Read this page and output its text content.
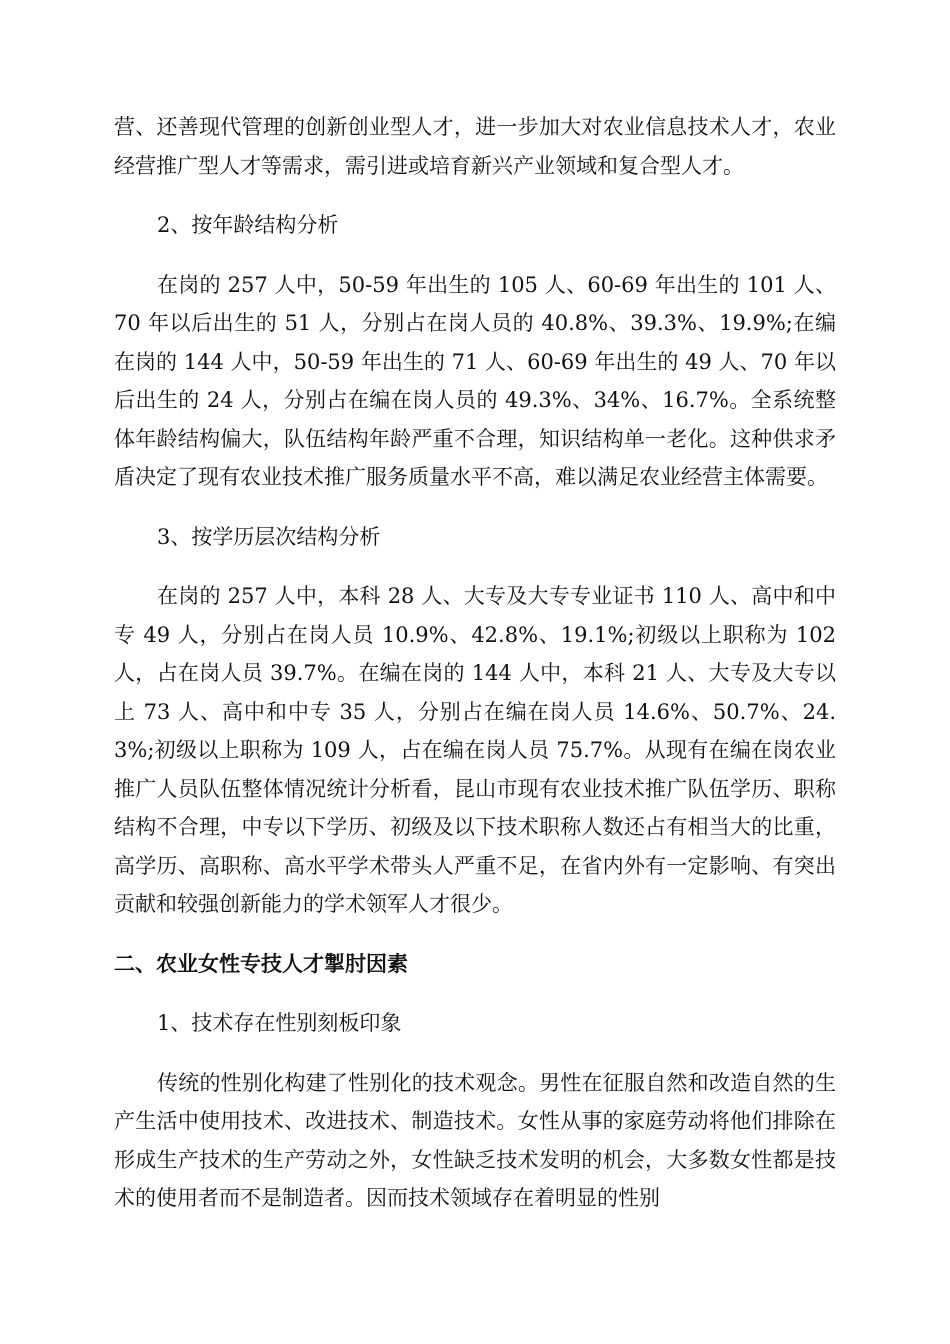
营、还善现代管理的创新创业型人才，进一步加大对农业信息技术人才，农业经营推广型人才等需求，需引进或培育新兴产业领域和复合型人才。

2、按年龄结构分析

在岗的 257 人中，50-59 年出生的 105 人、60-69 年出生的 101 人、70 年以后出生的 51 人，分别占在岗人员的 40.8%、39.3%、19.9%;在编在岗的 144 人中，50-59 年出生的 71 人、60-69 年出生的 49 人、70 年以后出生的 24 人，分别占在编在岗人员的 49.3%、34%、16.7%。全系统整体年龄结构偏大，队伍结构年龄严重不合理，知识结构单一老化。这种供求矛盾决定了现有农业技术推广服务质量水平不高，难以满足农业经营主体需要。

3、按学历层次结构分析

在岗的 257 人中，本科 28 人、大专及大专专业证书 110 人、高中和中专 49 人，分别占在岗人员 10.9%、42.8%、19.1%;初级以上职称为 102 人，占在岗人员 39.7%。在编在岗的 144 人中，本科 21 人、大专及大专以上 73 人、高中和中专 35 人，分别占在编在岗人员 14.6%、50.7%、24.3%;初级以上职称为 109 人，占在编在岗人员 75.7%。从现有在编在岗农业推广人员队伍整体情况统计分析看，昆山市现有农业技术推广队伍学历、职称结构不合理，中专以下学历、初级及以下技术职称人数还占有相当大的比重，高学历、高职称、高水平学术带头人严重不足，在省内外有一定影响、有突出贡献和较强创新能力的学术领军人才很少。

二、农业女性专技人才掣肘因素

1、技术存在性别刻板印象

传统的性别化构建了性别化的技术观念。男性在征服自然和改造自然的生产生活中使用技术、改进技术、制造技术。女性从事的家庭劳动将他们排除在形成生产技术的生产劳动之外，女性缺乏技术发明的机会，大多数女性都是技术的使用者而不是制造者。因而技术领域存在着明显的性别
